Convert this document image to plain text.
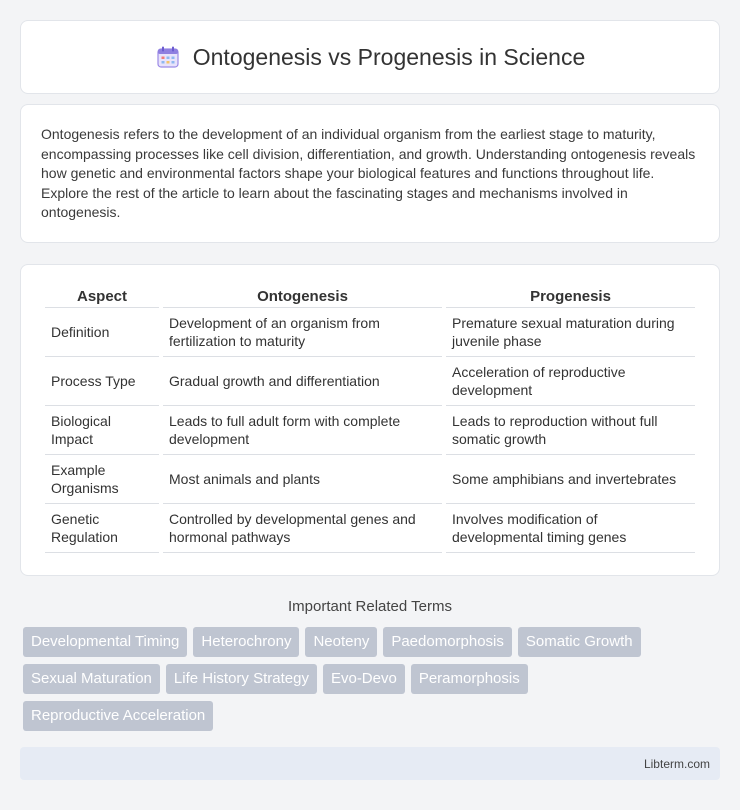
Ontogenesis vs Progenesis in Science

Ontogenesis refers to the development of an individual organism from the earliest stage to maturity, encompassing processes like cell division, differentiation, and growth. Understanding ontogenesis reveals how genetic and environmental factors shape your biological features and functions throughout life. Explore the rest of the article to learn about the fascinating stages and mechanisms involved in ontogenesis.

Aspect	Ontogenesis	Progenesis
Definition	Development of an organism from fertilization to maturity	Premature sexual maturation during juvenile phase
Process Type	Gradual growth and differentiation	Acceleration of reproductive development
Biological Impact	Leads to full adult form with complete development	Leads to reproduction without full somatic growth
Example Organisms	Most animals and plants	Some amphibians and invertebrates
Genetic Regulation	Controlled by developmental genes and hormonal pathways	Involves modification of developmental timing genes
Important Related Terms
Developmental Timing	Heterochrony	Neoteny	Paedomorphosis	Somatic Growth
Sexual Maturation	Life History Strategy	Evo-Devo	Peramorphosis
Reproductive Acceleration
Libterm.com
